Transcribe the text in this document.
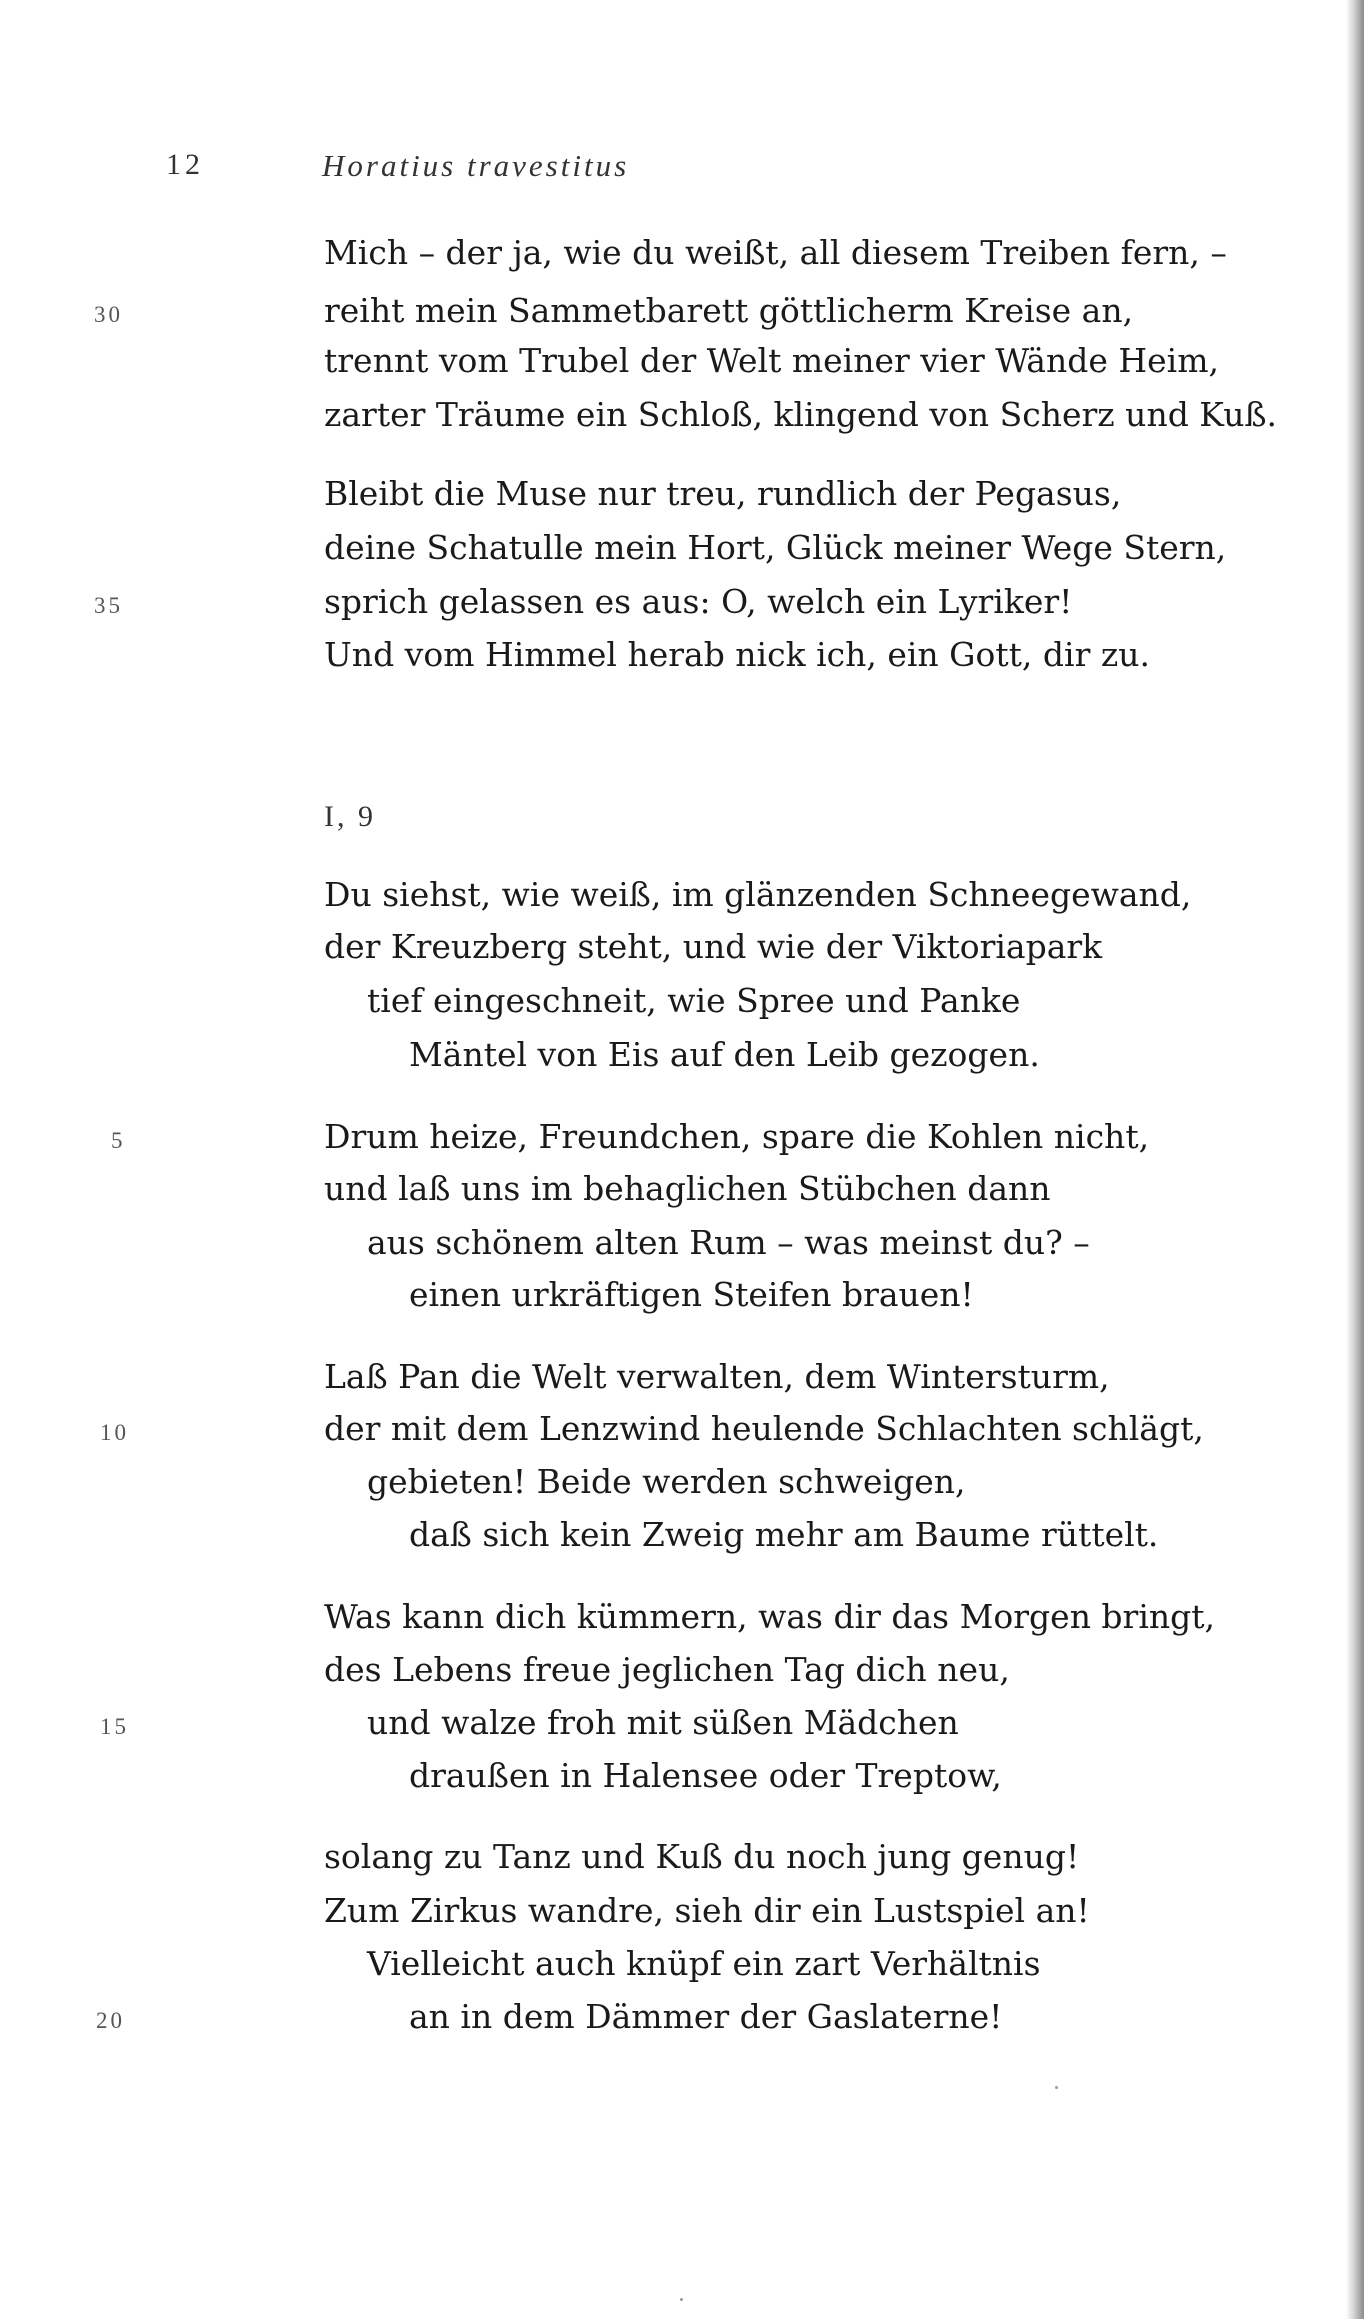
12	Horatius travestitus
Mich – der ja, wie du weißt, all diesem Treiben fern, –
30	reiht mein Sammetbarett göttlicherm Kreise an,
trennt vom Trubel der Welt meiner vier Wände Heim,
zarter Träume ein Schloß, klingend von Scherz und Kuß.
Bleibt die Muse nur treu, rundlich der Pegasus,
deine Schatulle mein Hort, Glück meiner Wege Stern,
35	sprich gelassen es aus: O, welch ein Lyriker!
Und vom Himmel herab nick ich, ein Gott, dir zu.
I, 9
Du siehst, wie weiß, im glänzenden Schneegewand,
der Kreuzberg steht, und wie der Viktoriapark
tief eingeschneit, wie Spree und Panke
Mäntel von Eis auf den Leib gezogen.
5	Drum heize, Freundchen, spare die Kohlen nicht,
und laß uns im behaglichen Stübchen dann
aus schönem alten Rum – was meinst du? –
einen urkräftigen Steifen brauen!
Laß Pan die Welt verwalten, dem Wintersturm,
10	der mit dem Lenzwind heulende Schlachten schlägt,
gebieten! Beide werden schweigen,
daß sich kein Zweig mehr am Baume rüttelt.
Was kann dich kümmern, was dir das Morgen bringt,
des Lebens freue jeglichen Tag dich neu,
15	und walze froh mit süßen Mädchen
draußen in Halensee oder Treptow,
solang zu Tanz und Kuß du noch jung genug!
Zum Zirkus wandre, sieh dir ein Lustspiel an!
Vielleicht auch knüpf ein zart Verhältnis
20	an in dem Dämmer der Gaslaterne!
